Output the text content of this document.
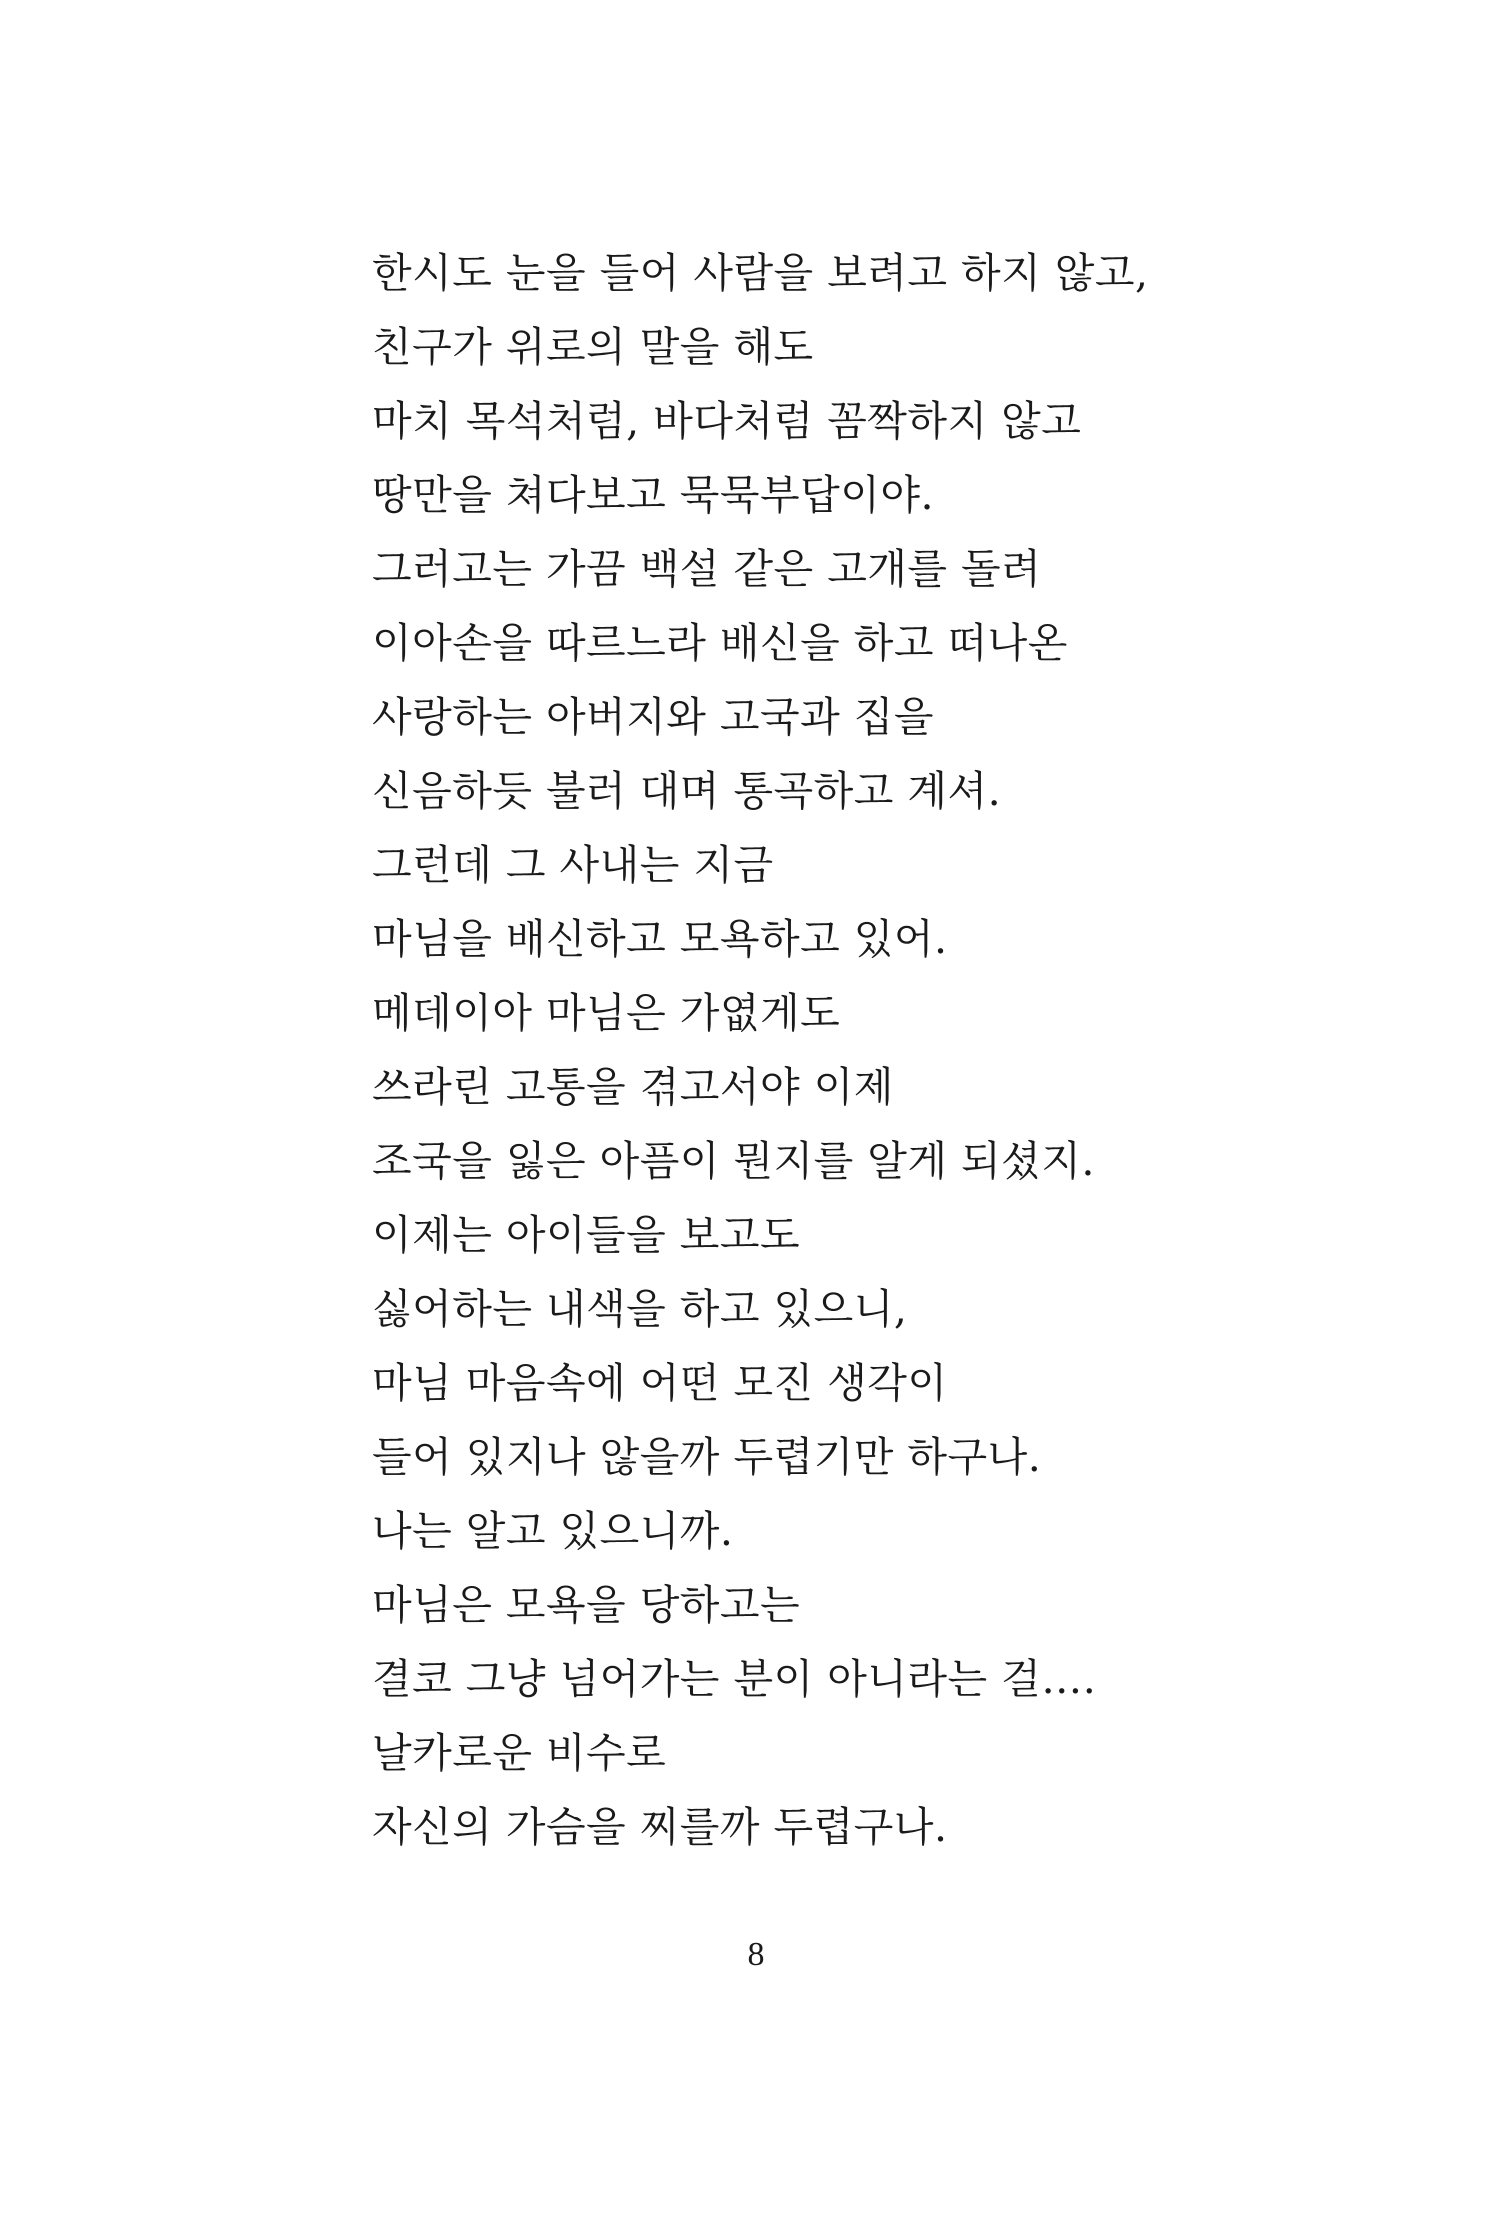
한시도 눈을 들어 사람을 보려고 하지 않고,
친구가 위로의 말을 해도
마치 목석처럼, 바다처럼 꼼짝하지 않고
땅만을 쳐다보고 묵묵부답이야.
그러고는 가끔 백설 같은 고개를 돌려
이아손을 따르느라 배신을 하고 떠나온
사랑하는 아버지와 고국과 집을
신음하듯 불러 대며 통곡하고 계셔.
그런데 그 사내는 지금
마님을 배신하고 모욕하고 있어.
메데이아 마님은 가엾게도
쓰라린 고통을 겪고서야 이제
조국을 잃은 아픔이 뭔지를 알게 되셨지.
이제는 아이들을 보고도
싫어하는 내색을 하고 있으니,
마님 마음속에 어떤 모진 생각이
들어 있지나 않을까 두렵기만 하구나.
나는 알고 있으니까.
마님은 모욕을 당하고는
결코 그냥 넘어가는 분이 아니라는 걸….
날카로운 비수로
자신의 가슴을 찌를까 두렵구나.
8
